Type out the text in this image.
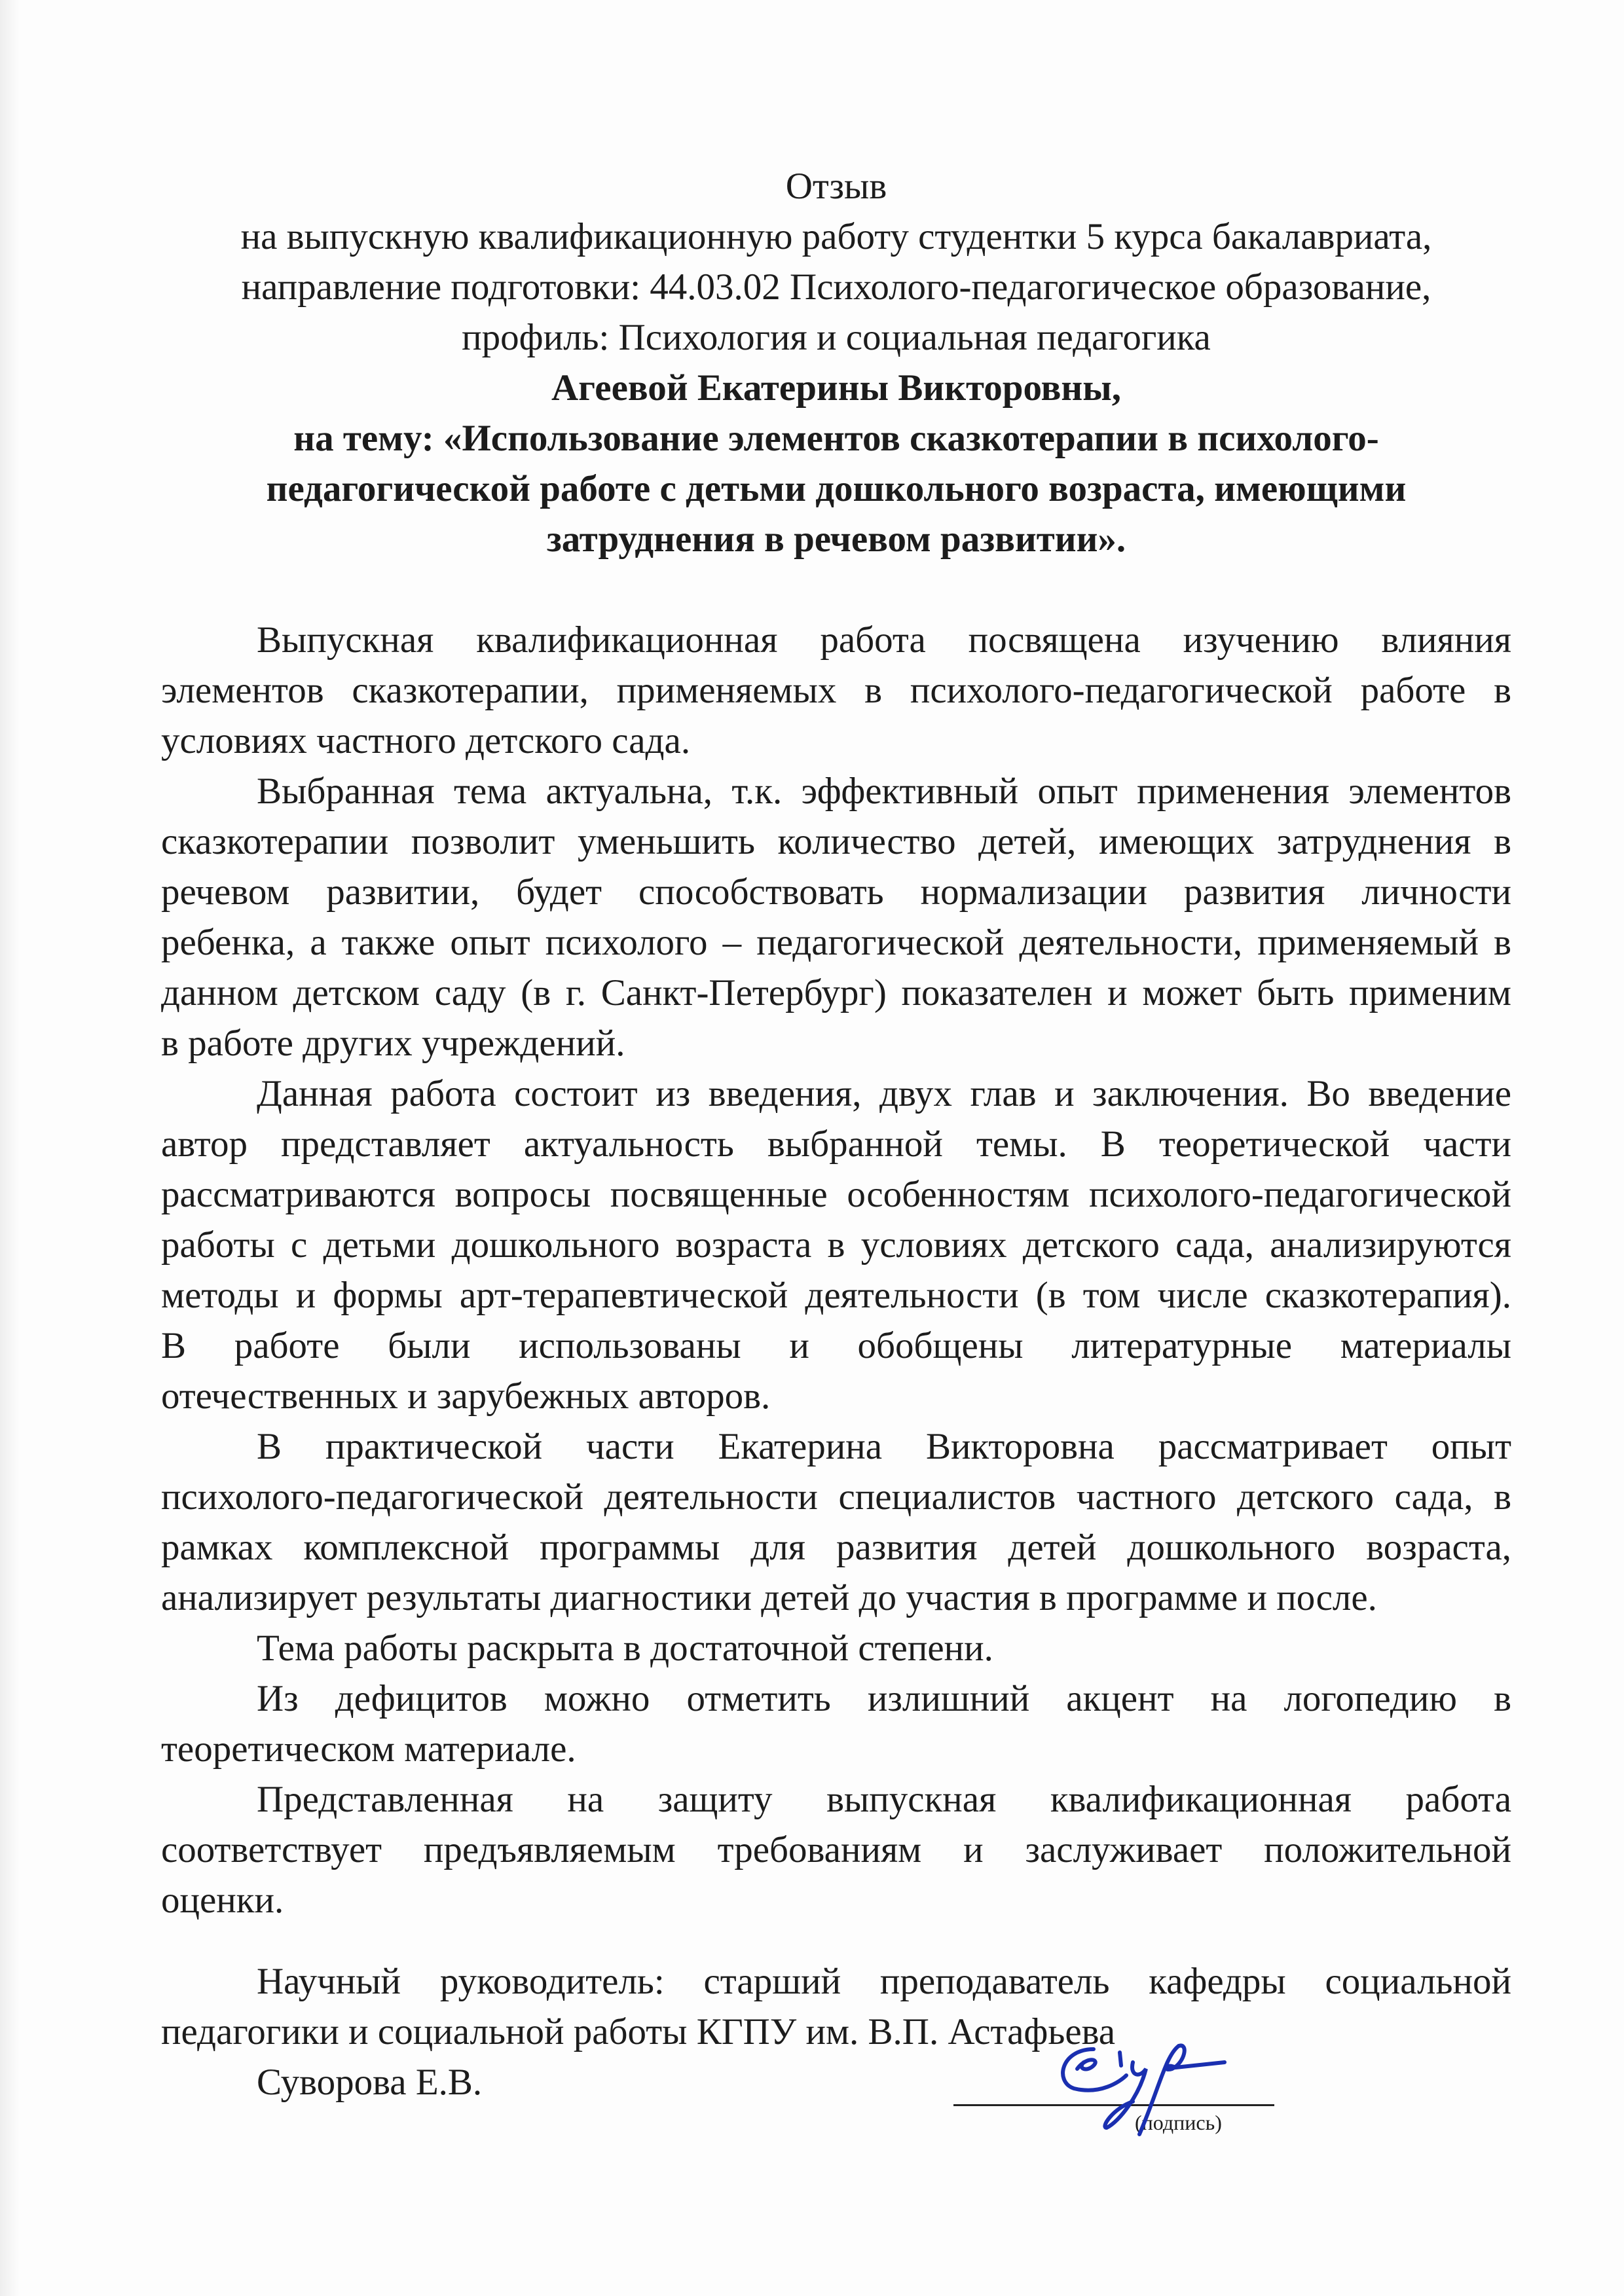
Отзыв
на выпускную квалификационную работу студентки 5 курса бакалавриата,
направление подготовки: 44.03.02 Психолого-педагогическое образование,
профиль: Психология и социальная педагогика
Агеевой Екатерины Викторовны,
на тему: «Использование элементов сказкотерапии в психолого-
педагогической работе с детьми дошкольного возраста, имеющими
затруднения в речевом развитии».
Выпускная квалификационная работа посвящена изучению влияния
элементов сказкотерапии, применяемых в психолого-педагогической работе в
условиях частного детского сада.
Выбранная тема актуальна, т.к. эффективный опыт применения элементов
сказкотерапии позволит уменьшить количество детей, имеющих затруднения в
речевом развитии, будет способствовать нормализации развития личности
ребенка, а также опыт психолого – педагогической деятельности, применяемый в
данном детском саду (в г. Санкт-Петербург) показателен и может быть применим
в работе других учреждений.
Данная работа состоит из введения, двух глав и заключения. Во введение
автор представляет актуальность выбранной темы. В теоретической части
рассматриваются вопросы посвященные особенностям психолого-педагогической
работы с детьми дошкольного возраста в условиях детского сада, анализируются
методы и формы арт-терапевтической деятельности (в том числе сказкотерапия).
В работе были использованы и обобщены литературные материалы
отечественных и зарубежных авторов.
В практической части Екатерина Викторовна рассматривает опыт
психолого-педагогической деятельности специалистов частного детского сада, в
рамках комплексной программы для развития детей дошкольного возраста,
анализирует результаты диагностики детей до участия в программе и после.
Тема работы раскрыта в достаточной степени.
Из дефицитов можно отметить излишний акцент на логопедию в
теоретическом материале.
Представленная на защиту выпускная квалификационная работа
соответствует предъявляемым требованиям и заслуживает положительной
оценки.
Научный руководитель: старший преподаватель кафедры социальной
педагогики и социальной работы КГПУ им. В.П. Астафьева
Суворова Е.В.
(подпись)
